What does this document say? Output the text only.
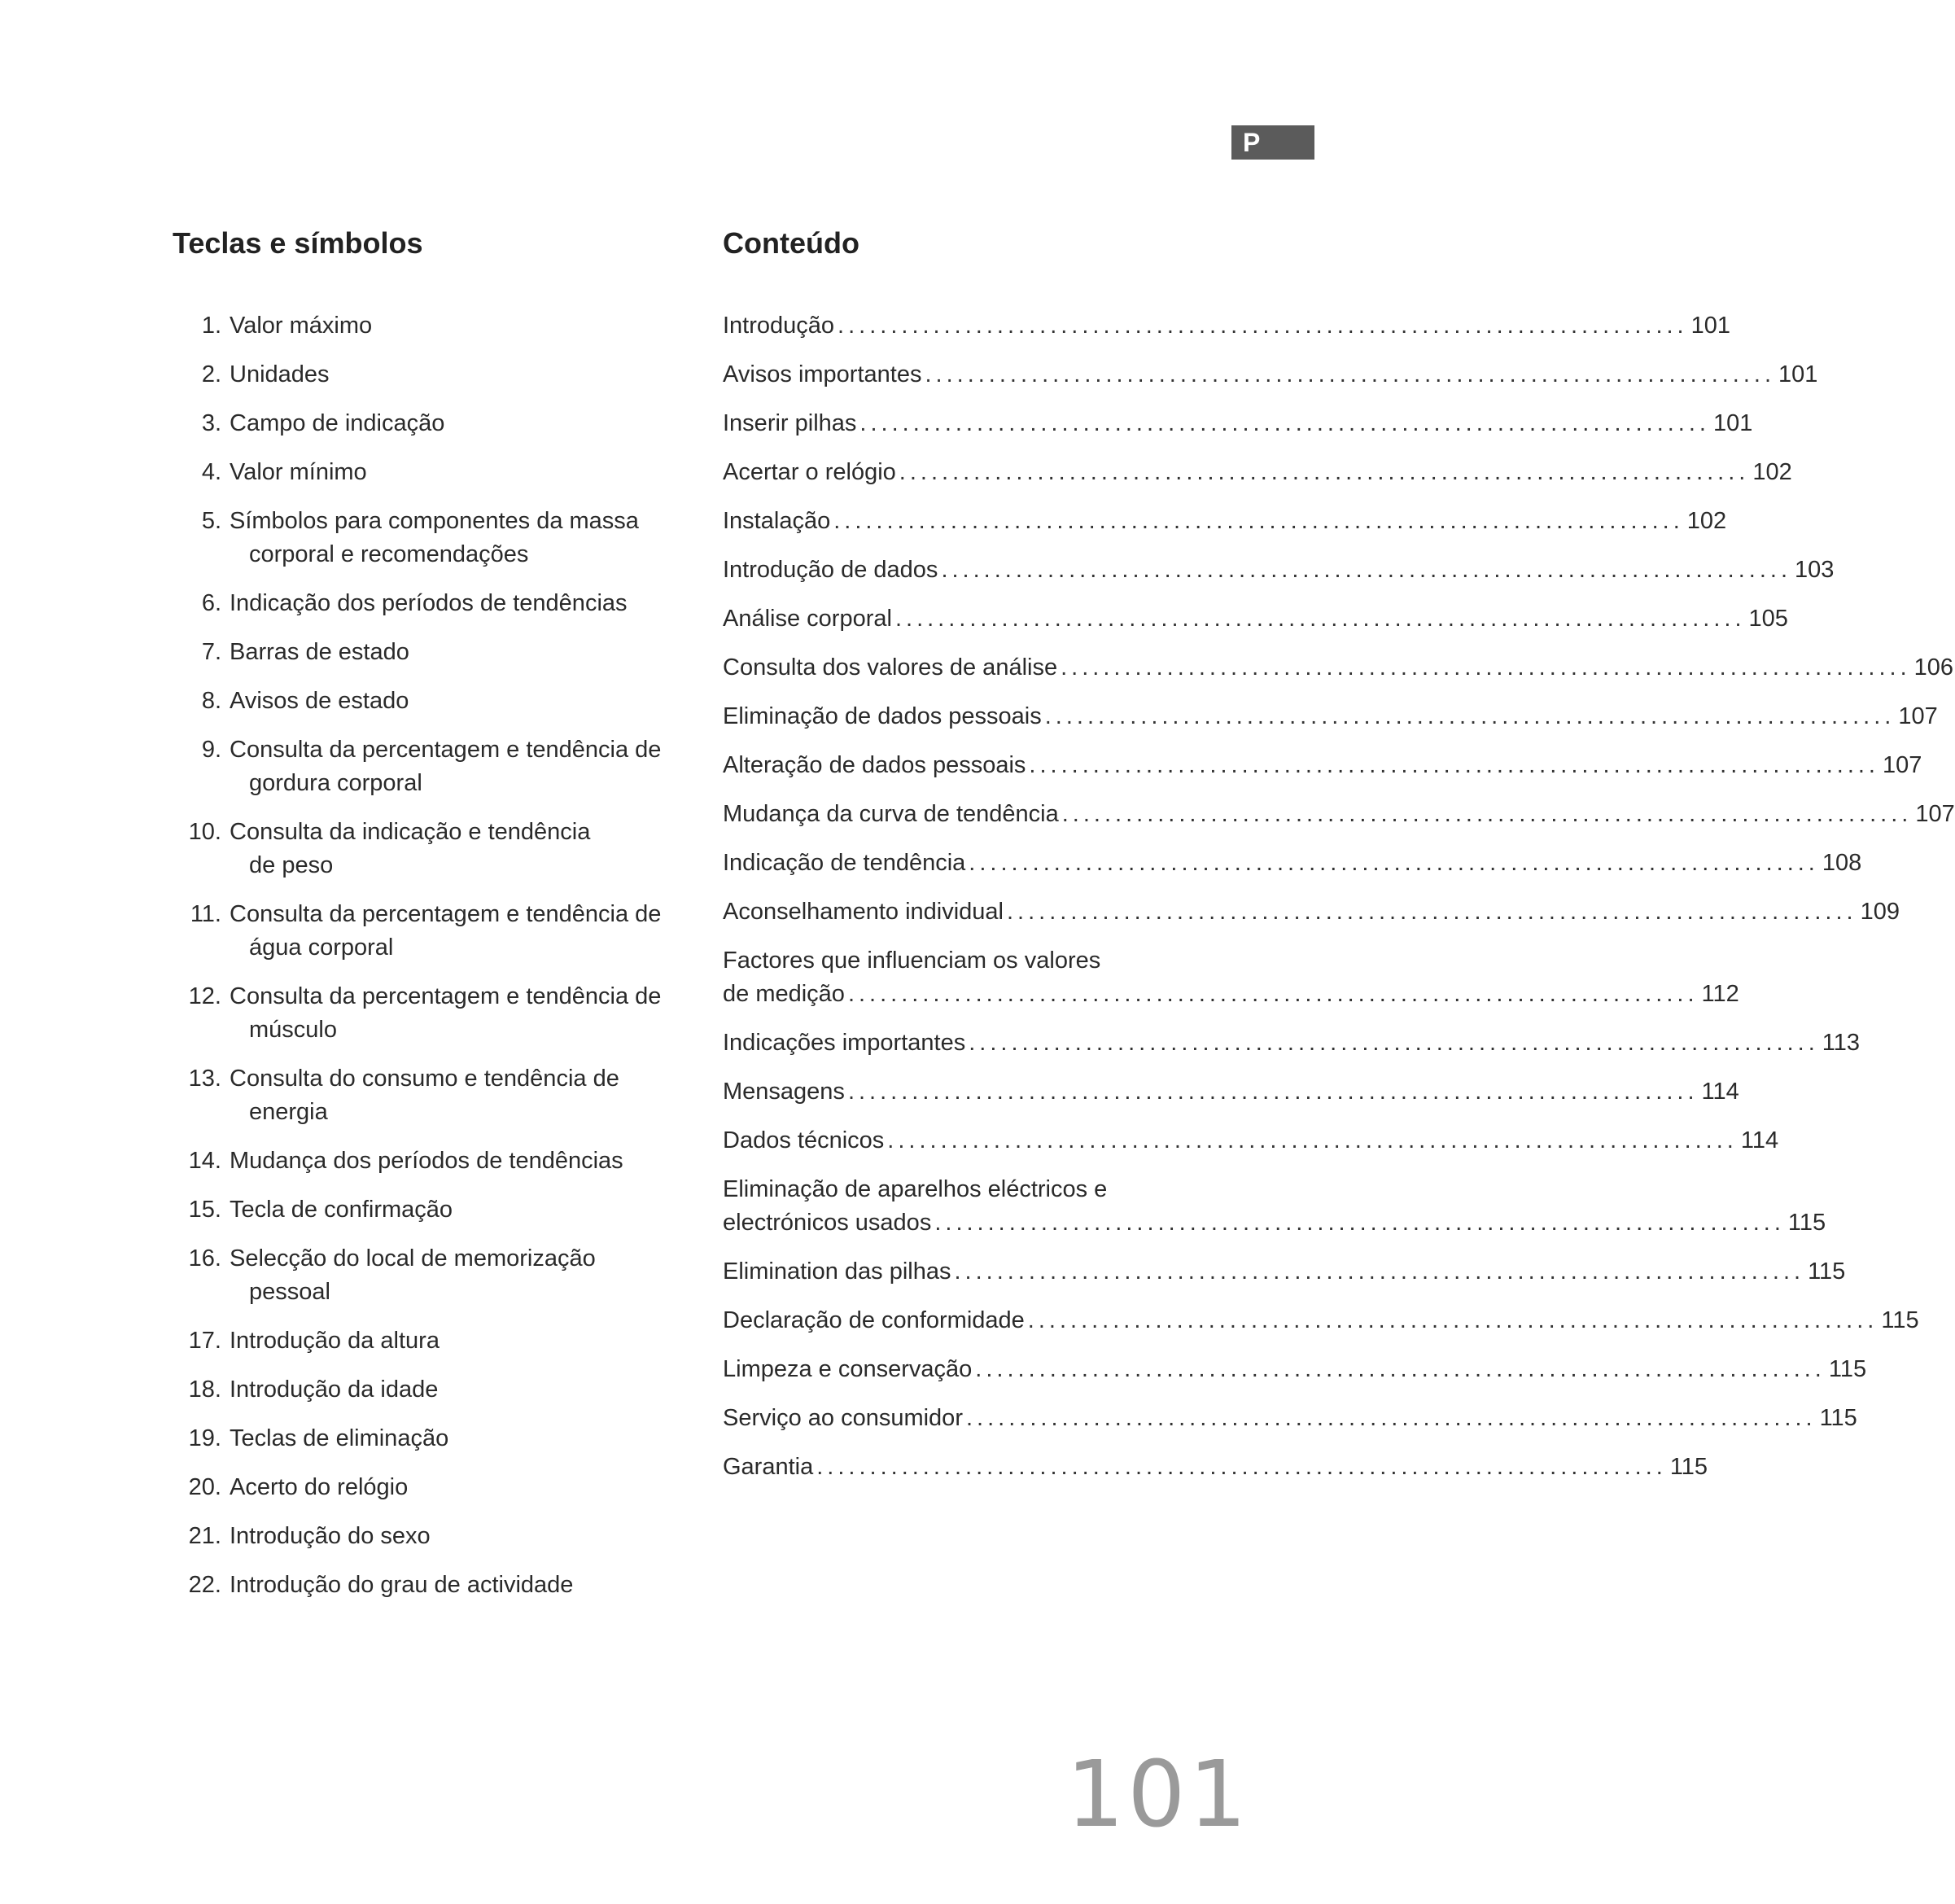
P
Teclas e símbolos	Conteúdo
1. Valor máximo
2. Unidades
3. Campo de indicação
4. Valor mínimo
5. Símbolos para componentes da massa
corporal e recomendações
6. Indicação dos períodos de tendências
7. Barras de estado
8. Avisos de estado
9. Consulta da percentagem e tendência de
gordura corporal
10. Consulta da indicação e tendência
de peso
11. Consulta da percentagem e tendência de
água corporal
12. Consulta da percentagem e tendência de
músculo
13. Consulta do consumo e tendência de
energia
14. Mudança dos períodos de tendências
15. Tecla de confirmação
16. Selecção do local de memorização
pessoal
17. Introdução da altura
18. Introdução da idade
19. Teclas de eliminação
20. Acerto do relógio
21. Introdução do sexo
22. Introdução do grau de actividade
Introdução ................................................................................ 101
Avisos importantes ................................................................................ 101
Inserir pilhas ................................................................................ 101
Acertar o relógio ................................................................................ 102
Instalação ................................................................................ 102
Introdução de dados ................................................................................ 103
Análise corporal ................................................................................ 105
Consulta dos valores de análise ................................................................................ 106
Eliminação de dados pessoais ................................................................................ 107
Alteração de dados pessoais ................................................................................ 107
Mudança da curva de tendência ................................................................................ 107
Indicação de tendência ................................................................................ 108
Aconselhamento individual ................................................................................ 109
Factores que influenciam os valores
de medição ................................................................................ 112
Indicações importantes ................................................................................ 113
Mensagens ................................................................................ 114
Dados técnicos ................................................................................ 114
Eliminação de aparelhos eléctricos e
electrónicos usados ................................................................................ 115
Elimination das pilhas ................................................................................ 115
Declaração de conformidade ................................................................................ 115
Limpeza e conservação ................................................................................ 115
Serviço ao consumidor ................................................................................ 115
Garantia ................................................................................ 115
101
